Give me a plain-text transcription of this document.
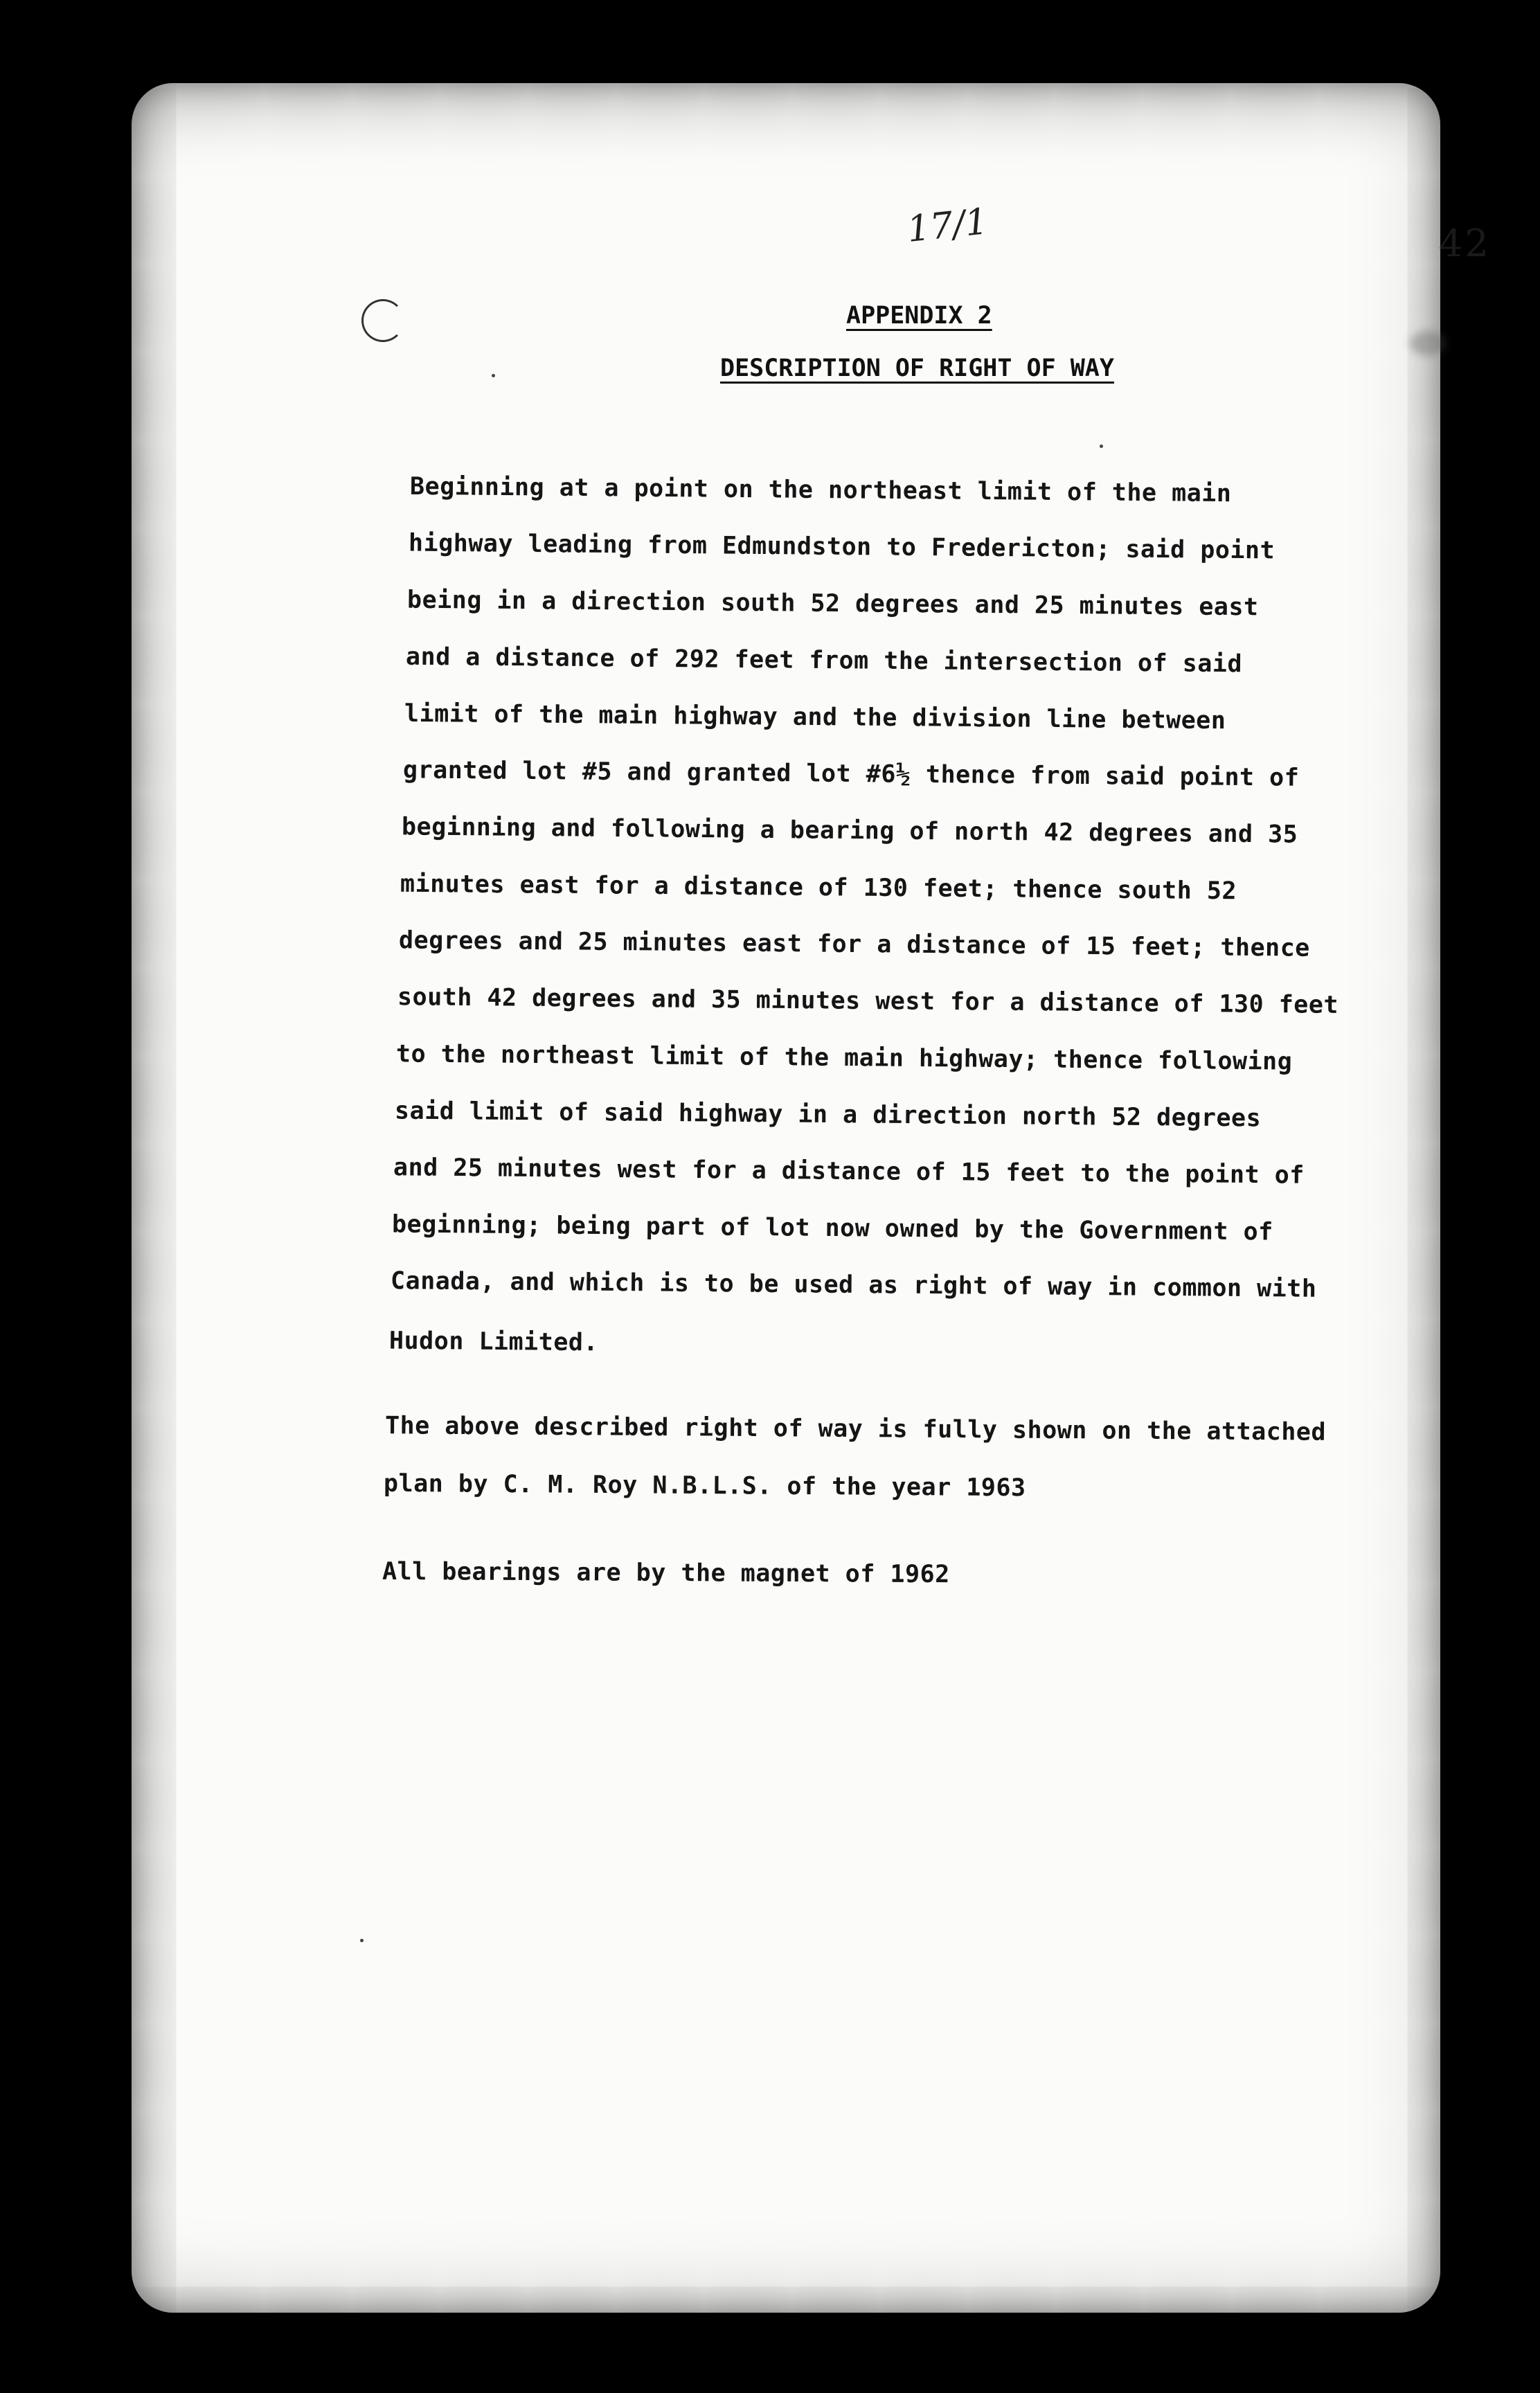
17/1	42
APPENDIX 2
DESCRIPTION OF RIGHT OF WAY
Beginning at a point on the northeast limit of the main
highway leading from Edmundston to Fredericton; said point
being in a direction south 52 degrees and 25 minutes east
and a distance of 292 feet from the intersection of said
limit of the main highway and the division line between
granted lot #5 and granted lot #6½ thence from said point of
beginning and following a bearing of north 42 degrees and 35
minutes east for a distance of 130 feet; thence south 52
degrees and 25 minutes east for a distance of 15 feet; thence
south 42 degrees and 35 minutes west for a distance of 130 feet
to the northeast limit of the main highway; thence following
said limit of said highway in a direction north 52 degrees
and 25 minutes west for a distance of 15 feet to the point of
beginning; being part of lot now owned by the Government of
Canada, and which is to be used as right of way in common with
Hudon Limited.
The above described right of way is fully shown on the attached
plan by C. M. Roy N.B.L.S. of the year 1963
All bearings are by the magnet of 1962
